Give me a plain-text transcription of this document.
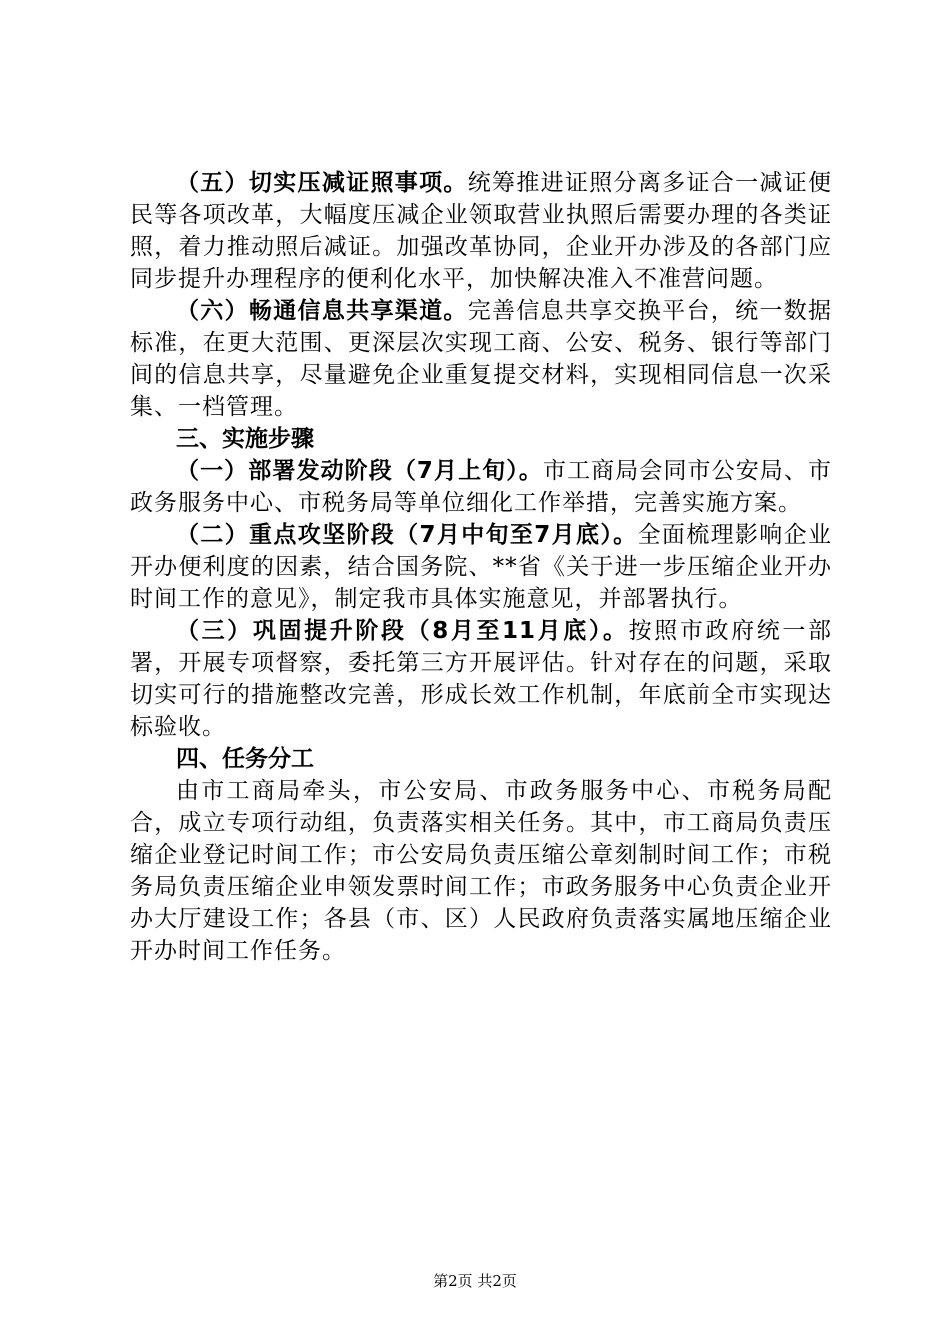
（五）切实压减证照事项。统筹推进证照分离多证合一减证便民等各项改革，大幅度压减企业领取营业执照后需要办理的各类证照，着力推动照后减证。加强改革协同，企业开办涉及的各部门应同步提升办理程序的便利化水平，加快解决准入不准营问题。

（六）畅通信息共享渠道。完善信息共享交换平台，统一数据标准，在更大范围、更深层次实现工商、公安、税务、银行等部门间的信息共享，尽量避免企业重复提交材料，实现相同信息一次采集、一档管理。

三、实施步骤

（一）部署发动阶段（7月上旬）。市工商局会同市公安局、市政务服务中心、市税务局等单位细化工作举措，完善实施方案。

（二）重点攻坚阶段（7月中旬至7月底）。全面梳理影响企业开办便利度的因素，结合国务院、**省《关于进一步压缩企业开办时间工作的意见》，制定我市具体实施意见，并部署执行。

（三）巩固提升阶段（8月至11月底）。按照市政府统一部署，开展专项督察，委托第三方开展评估。针对存在的问题，采取切实可行的措施整改完善，形成长效工作机制，年底前全市实现达标验收。

四、任务分工

由市工商局牵头，市公安局、市政务服务中心、市税务局配合，成立专项行动组，负责落实相关任务。其中，市工商局负责压缩企业登记时间工作；市公安局负责压缩公章刻制时间工作；市税务局负责压缩企业申领发票时间工作；市政务服务中心负责企业开办大厅建设工作；各县（市、区）人民政府负责落实属地压缩企业开办时间工作任务。

第2页 共2页
